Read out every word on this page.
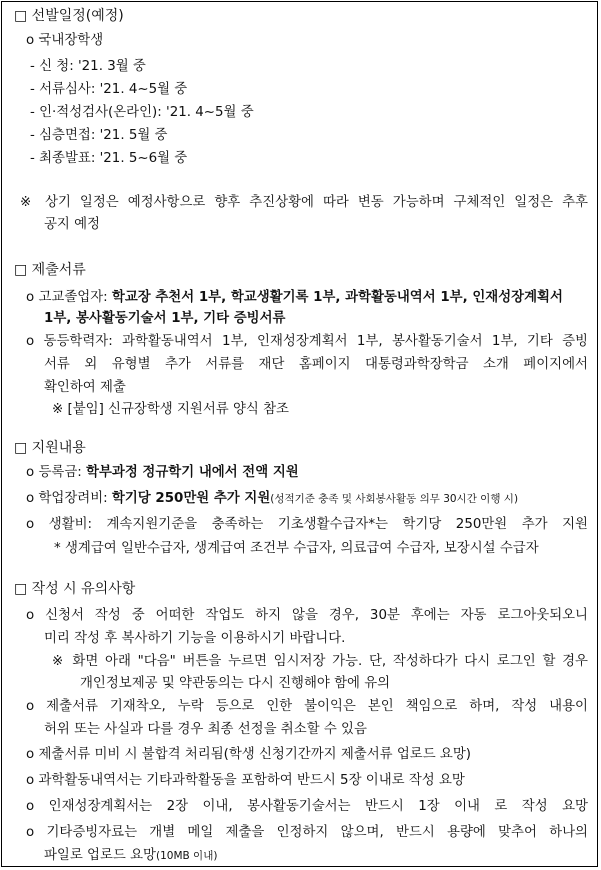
□ 선발일정(예정)
o 국내장학생
- 신 청: '21. 3월 중
- 서류심사: '21. 4~5월 중
- 인·적성검사(온라인): '21. 4~5월 중
- 심층면접: '21. 5월 중
- 최종발표: '21. 5~6월 중
※ 상기 일정은 예정사항으로 향후 추진상황에 따라 변동 가능하며 구체적인 일정은 추후
공지 예정
□ 제출서류
o 고교졸업자: 학교장 추천서 1부, 학교생활기록 1부, 과학활동내역서 1부, 인재성장계획서
1부, 봉사활동기술서 1부, 기타 증빙서류
o 동등학력자: 과학활동내역서 1부, 인재성장계획서 1부, 봉사활동기술서 1부, 기타 증빙
서류 외 유형별 추가 서류를 재단 홈페이지 대통령과학장학금 소개 페이지에서
확인하여 제출
※ [붙임] 신규장학생 지원서류 양식 참조
□ 지원내용
o 등록금: 학부과정 정규학기 내에서 전액 지원
o 학업장려비: 학기당 250만원 추가 지원(성적기준 충족 및 사회봉사활동 의무 30시간 이행 시)
o 생활비: 계속지원기준을 충족하는 기초생활수급자*는 학기당 250만원 추가 지원
* 생계급여 일반수급자, 생계급여 조건부 수급자, 의료급여 수급자, 보장시설 수급자
□ 작성 시 유의사항
o 신청서 작성 중 어떠한 작업도 하지 않을 경우, 30분 후에는 자동 로그아웃되오니
미리 작성 후 복사하기 기능을 이용하시기 바랍니다.
※ 화면 아래 "다음" 버튼을 누르면 임시저장 가능. 단, 작성하다가 다시 로그인 할 경우
개인정보제공 및 약관동의는 다시 진행해야 함에 유의
o 제출서류 기재착오, 누락 등으로 인한 불이익은 본인 책임으로 하며, 작성 내용이
허위 또는 사실과 다를 경우 최종 선정을 취소할 수 있음
o 제출서류 미비 시 불합격 처리됨(학생 신청기간까지 제출서류 업로드 요망)
o 과학활동내역서는 기타과학활동을 포함하여 반드시 5장 이내로 작성 요망
o 인재성장계획서는 2장 이내, 봉사활동기술서는 반드시 1장 이내 로 작성 요망
o 기타증빙자료는 개별 메일 제출을 인정하지 않으며, 반드시 용량에 맞추어 하나의
파일로 업로드 요망(10MB 이내)
